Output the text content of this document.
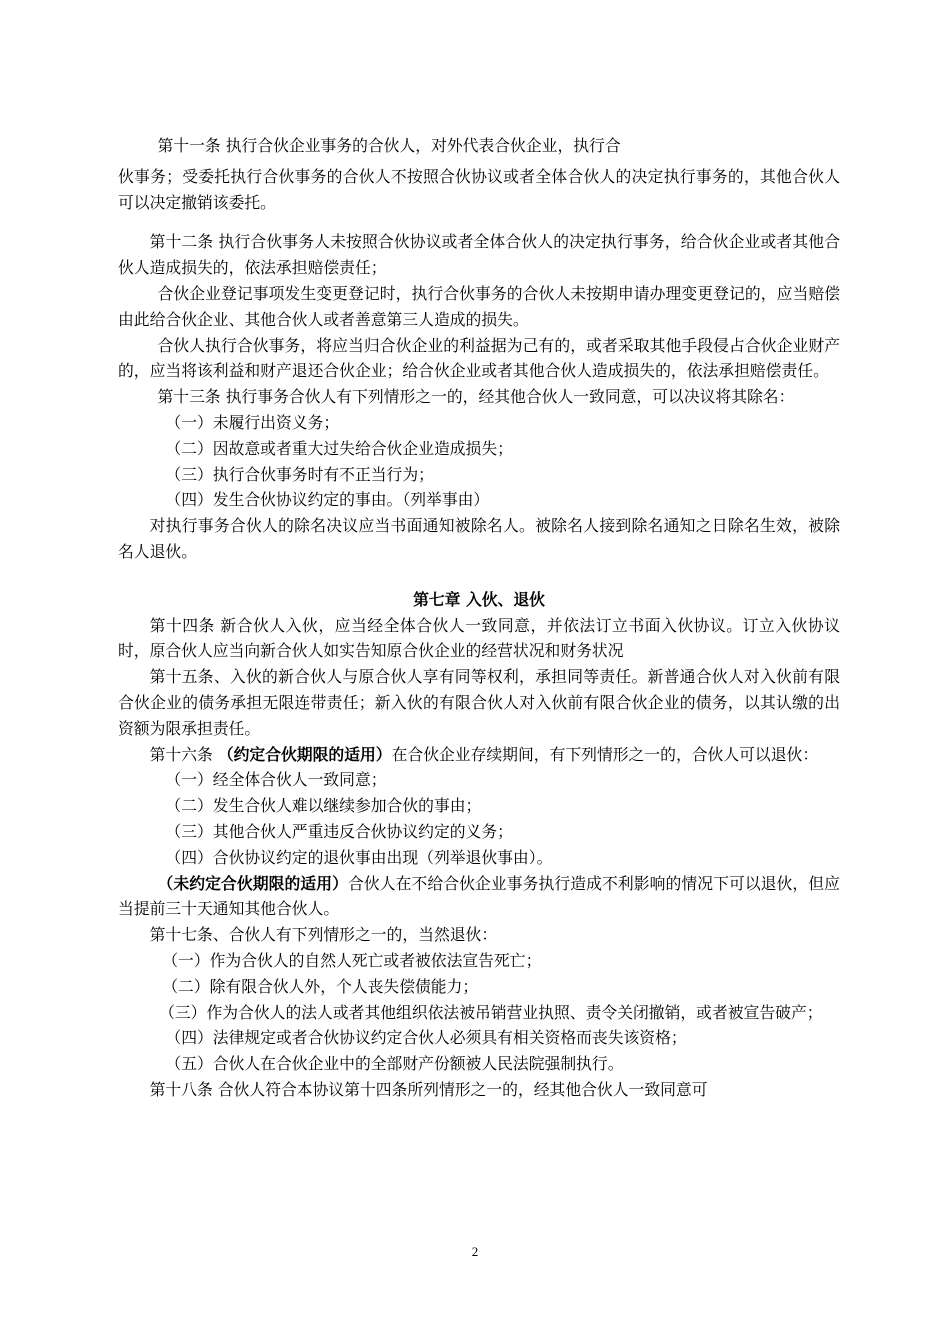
第十一条 执行合伙企业事务的合伙人，对外代表合伙企业，执行合

伙事务；受委托执行合伙事务的合伙人不按照合伙协议或者全体合伙人的决定执行事务的，其他合伙人可以决定撤销该委托。

第十二条 执行合伙事务人未按照合伙协议或者全体合伙人的决定执行事务，给合伙企业或者其他合伙人造成损失的，依法承担赔偿责任；

合伙企业登记事项发生变更登记时，执行合伙事务的合伙人未按期申请办理变更登记的，应当赔偿由此给合伙企业、其他合伙人或者善意第三人造成的损失。

合伙人执行合伙事务，将应当归合伙企业的利益据为己有的，或者采取其他手段侵占合伙企业财产的，应当将该利益和财产退还合伙企业；给合伙企业或者其他合伙人造成损失的，依法承担赔偿责任。

第十三条 执行事务合伙人有下列情形之一的，经其他合伙人一致同意，可以决议将其除名：

（一）未履行出资义务；

（二）因故意或者重大过失给合伙企业造成损失；

（三）执行合伙事务时有不正当行为；

（四）发生合伙协议约定的事由。（列举事由）

对执行事务合伙人的除名决议应当书面通知被除名人。被除名人接到除名通知之日除名生效，被除名人退伙。

第七章 入伙、退伙

第十四条 新合伙人入伙，应当经全体合伙人一致同意，并依法订立书面入伙协议。订立入伙协议时，原合伙人应当向新合伙人如实告知原合伙企业的经营状况和财务状况

第十五条、入伙的新合伙人与原合伙人享有同等权利，承担同等责任。新普通合伙人对入伙前有限合伙企业的债务承担无限连带责任；新入伙的有限合伙人对入伙前有限合伙企业的债务，以其认缴的出资额为限承担责任。

第十六条 （约定合伙期限的适用）在合伙企业存续期间，有下列情形之一的，合伙人可以退伙：

（一）经全体合伙人一致同意；

（二）发生合伙人难以继续参加合伙的事由；

（三）其他合伙人严重违反合伙协议约定的义务；

（四）合伙协议约定的退伙事由出现（列举退伙事由）。

（未约定合伙期限的适用）合伙人在不给合伙企业事务执行造成不利影响的情况下可以退伙，但应当提前三十天通知其他合伙人。

第十七条、合伙人有下列情形之一的，当然退伙：

（一）作为合伙人的自然人死亡或者被依法宣告死亡；

（二）除有限合伙人外，个人丧失偿债能力；

（三）作为合伙人的法人或者其他组织依法被吊销营业执照、责令关闭撤销，或者被宣告破产；

（四）法律规定或者合伙协议约定合伙人必须具有相关资格而丧失该资格；

（五）合伙人在合伙企业中的全部财产份额被人民法院强制执行。

第十八条 合伙人符合本协议第十四条所列情形之一的，经其他合伙人一致同意可

2
